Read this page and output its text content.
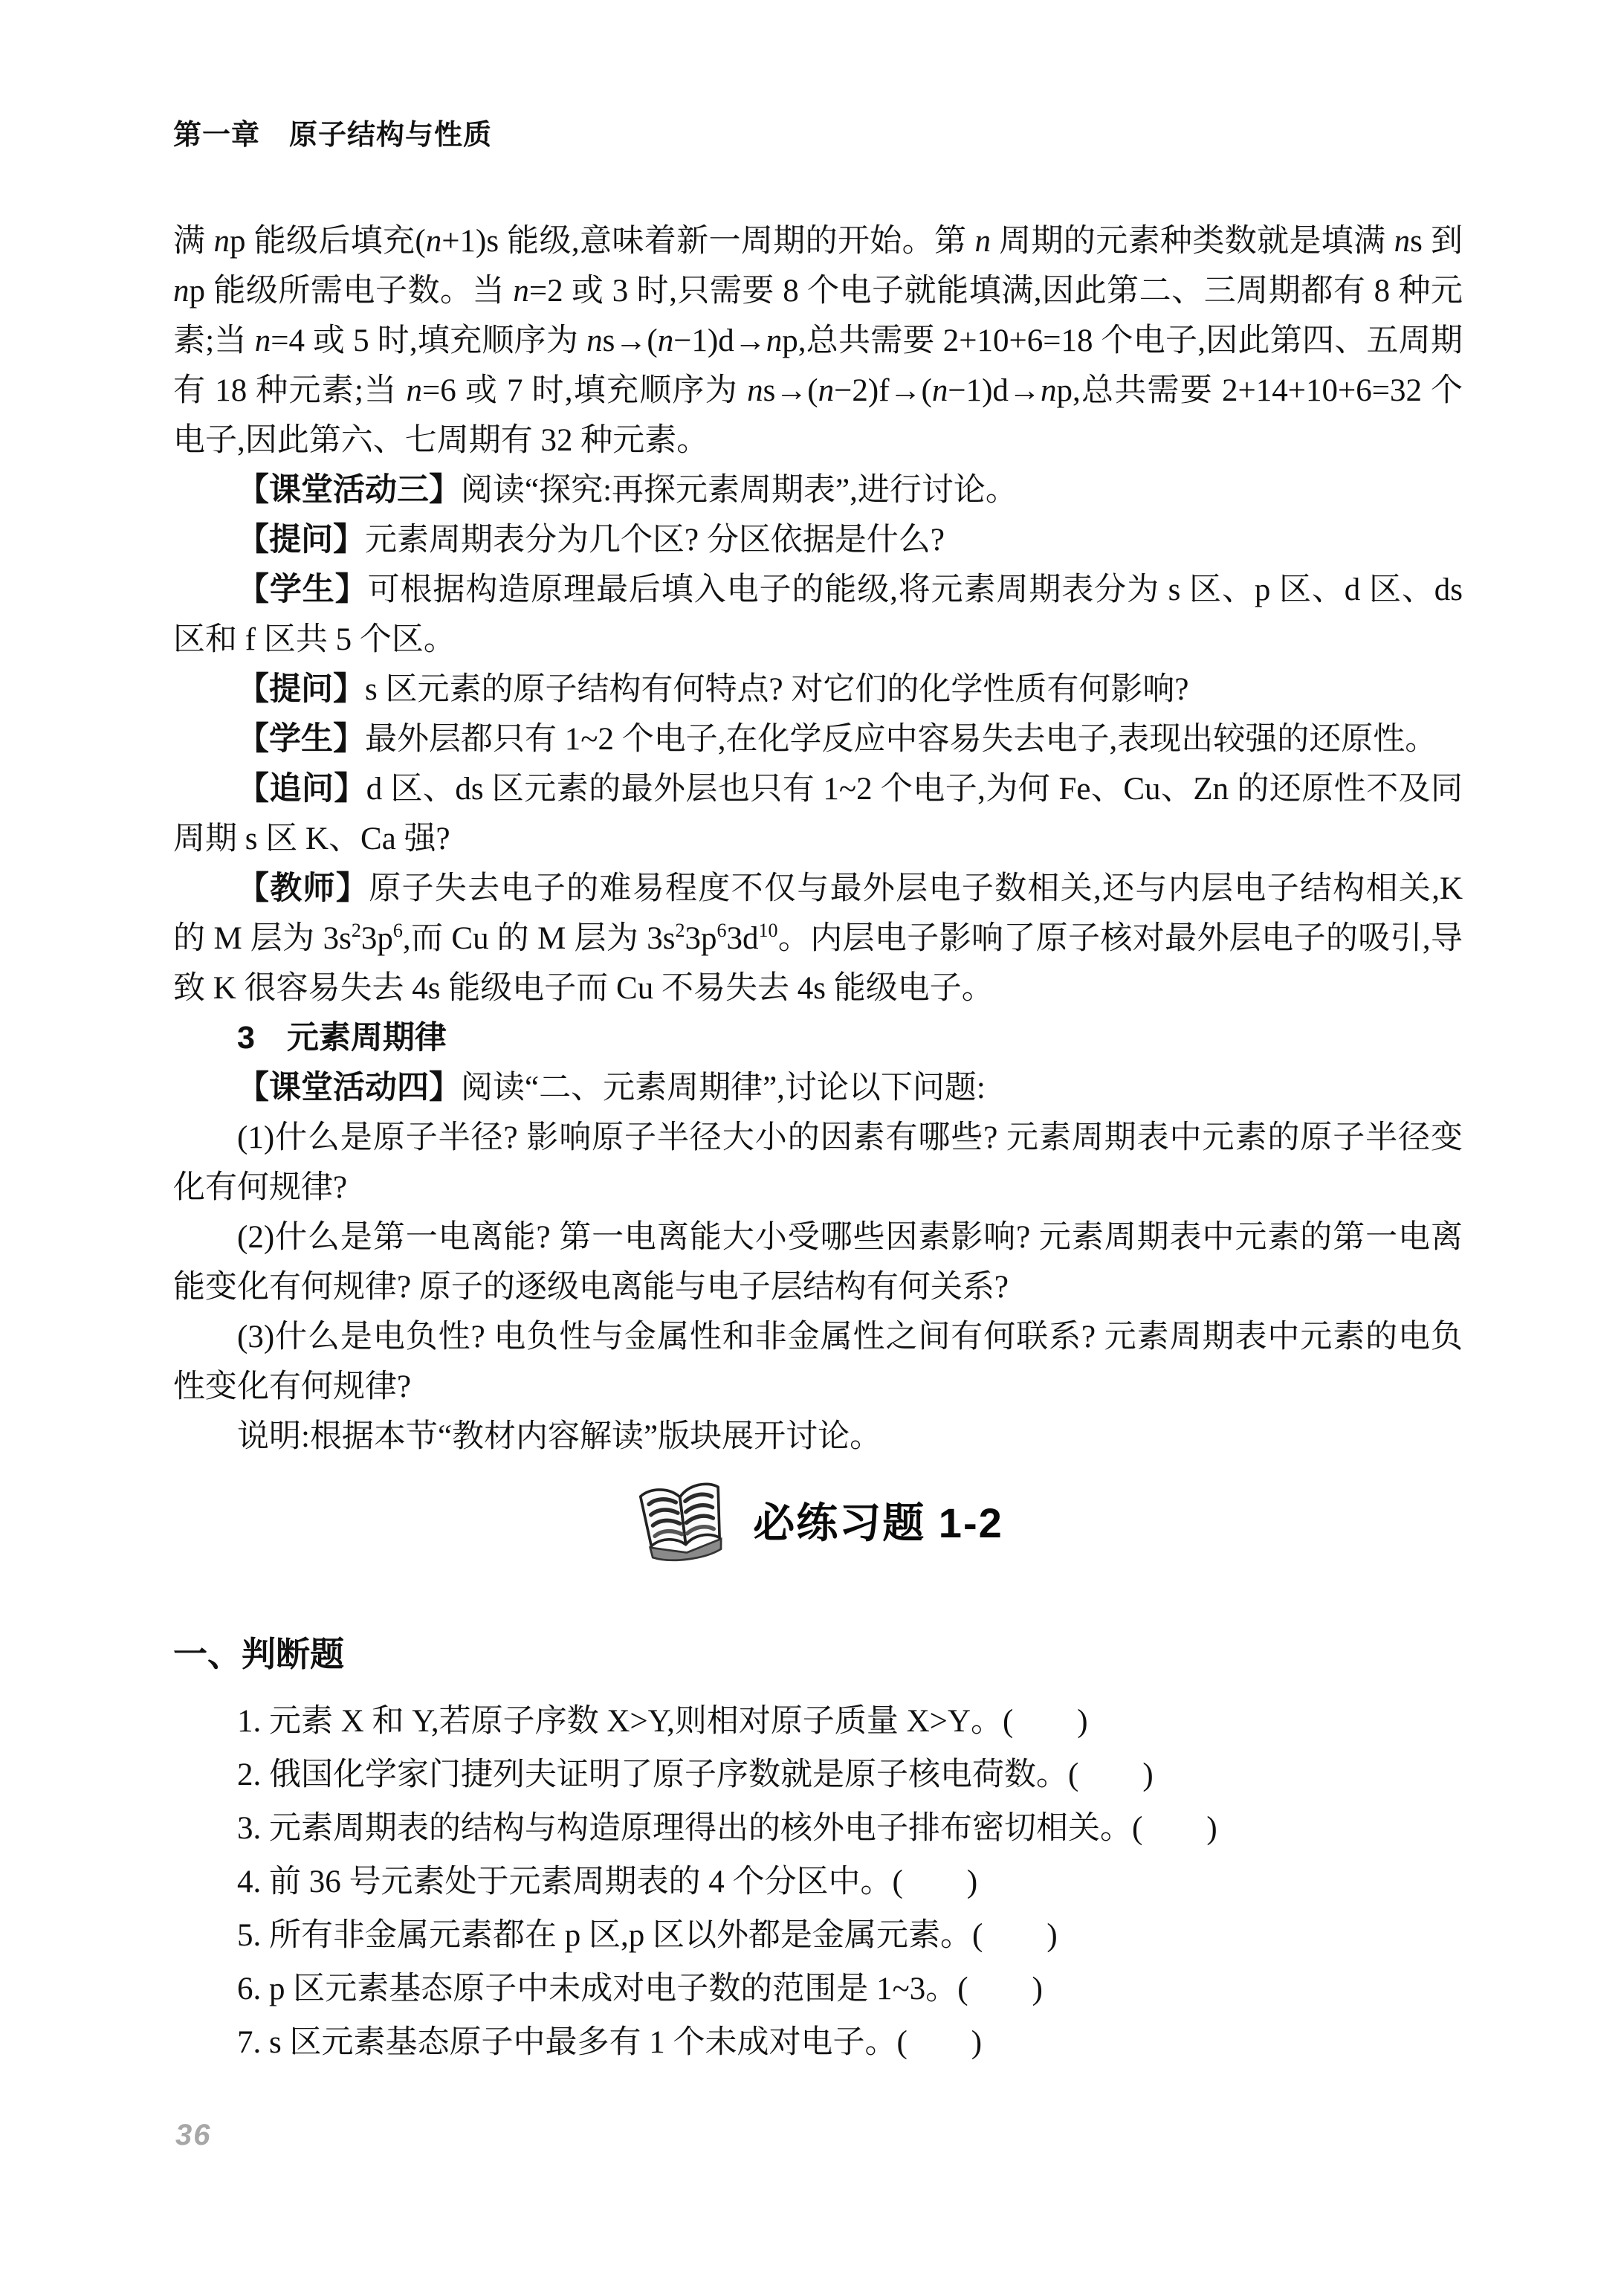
第一章　原子结构与性质

满 np 能级后填充(n+1)s 能级,意味着新一周期的开始。第 n 周期的元素种类数就是填满 ns 到 np 能级所需电子数。当 n=2 或 3 时,只需要 8 个电子就能填满,因此第二、三周期都有 8 种元素;当 n=4 或 5 时,填充顺序为 ns→(n−1)d→np,总共需要 2+10+6=18 个电子,因此第四、五周期有 18 种元素;当 n=6 或 7 时,填充顺序为 ns→(n−2)f→(n−1)d→np,总共需要 2+14+10+6=32 个电子,因此第六、七周期有 32 种元素。

【课堂活动三】阅读“探究:再探元素周期表”,进行讨论。

【提问】元素周期表分为几个区? 分区依据是什么?

【学生】可根据构造原理最后填入电子的能级,将元素周期表分为 s 区、p 区、d 区、ds 区和 f 区共 5 个区。

【提问】s 区元素的原子结构有何特点? 对它们的化学性质有何影响?

【学生】最外层都只有 1~2 个电子,在化学反应中容易失去电子,表现出较强的还原性。

【追问】d 区、ds 区元素的最外层也只有 1~2 个电子,为何 Fe、Cu、Zn 的还原性不及同周期 s 区 K、Ca 强?

【教师】原子失去电子的难易程度不仅与最外层电子数相关,还与内层电子结构相关,K 的 M 层为 $3s^23p^6$,而 Cu 的 M 层为 $3s^23p^63d^{10}$。内层电子影响了原子核对最外层电子的吸引,导致 K 很容易失去 4s 能级电子而 Cu 不易失去 4s 能级电子。

3　元素周期律

【课堂活动四】阅读“二、元素周期律”,讨论以下问题:

(1)什么是原子半径? 影响原子半径大小的因素有哪些? 元素周期表中元素的原子半径变化有何规律?

(2)什么是第一电离能? 第一电离能大小受哪些因素影响? 元素周期表中元素的第一电离能变化有何规律? 原子的逐级电离能与电子层结构有何关系?

(3)什么是电负性? 电负性与金属性和非金属性之间有何联系? 元素周期表中元素的电负性变化有何规律?

说明:根据本节“教材内容解读”版块展开讨论。

必练习题 1-2

一、判断题

1. 元素 X 和 Y,若原子序数 X>Y,则相对原子质量 X>Y。(　　)

2. 俄国化学家门捷列夫证明了原子序数就是原子核电荷数。(　　)

3. 元素周期表的结构与构造原理得出的核外电子排布密切相关。(　　)

4. 前 36 号元素处于元素周期表的 4 个分区中。(　　)

5. 所有非金属元素都在 p 区,p 区以外都是金属元素。(　　)

6. p 区元素基态原子中未成对电子数的范围是 1~3。(　　)

7. s 区元素基态原子中最多有 1 个未成对电子。(　　)

36
